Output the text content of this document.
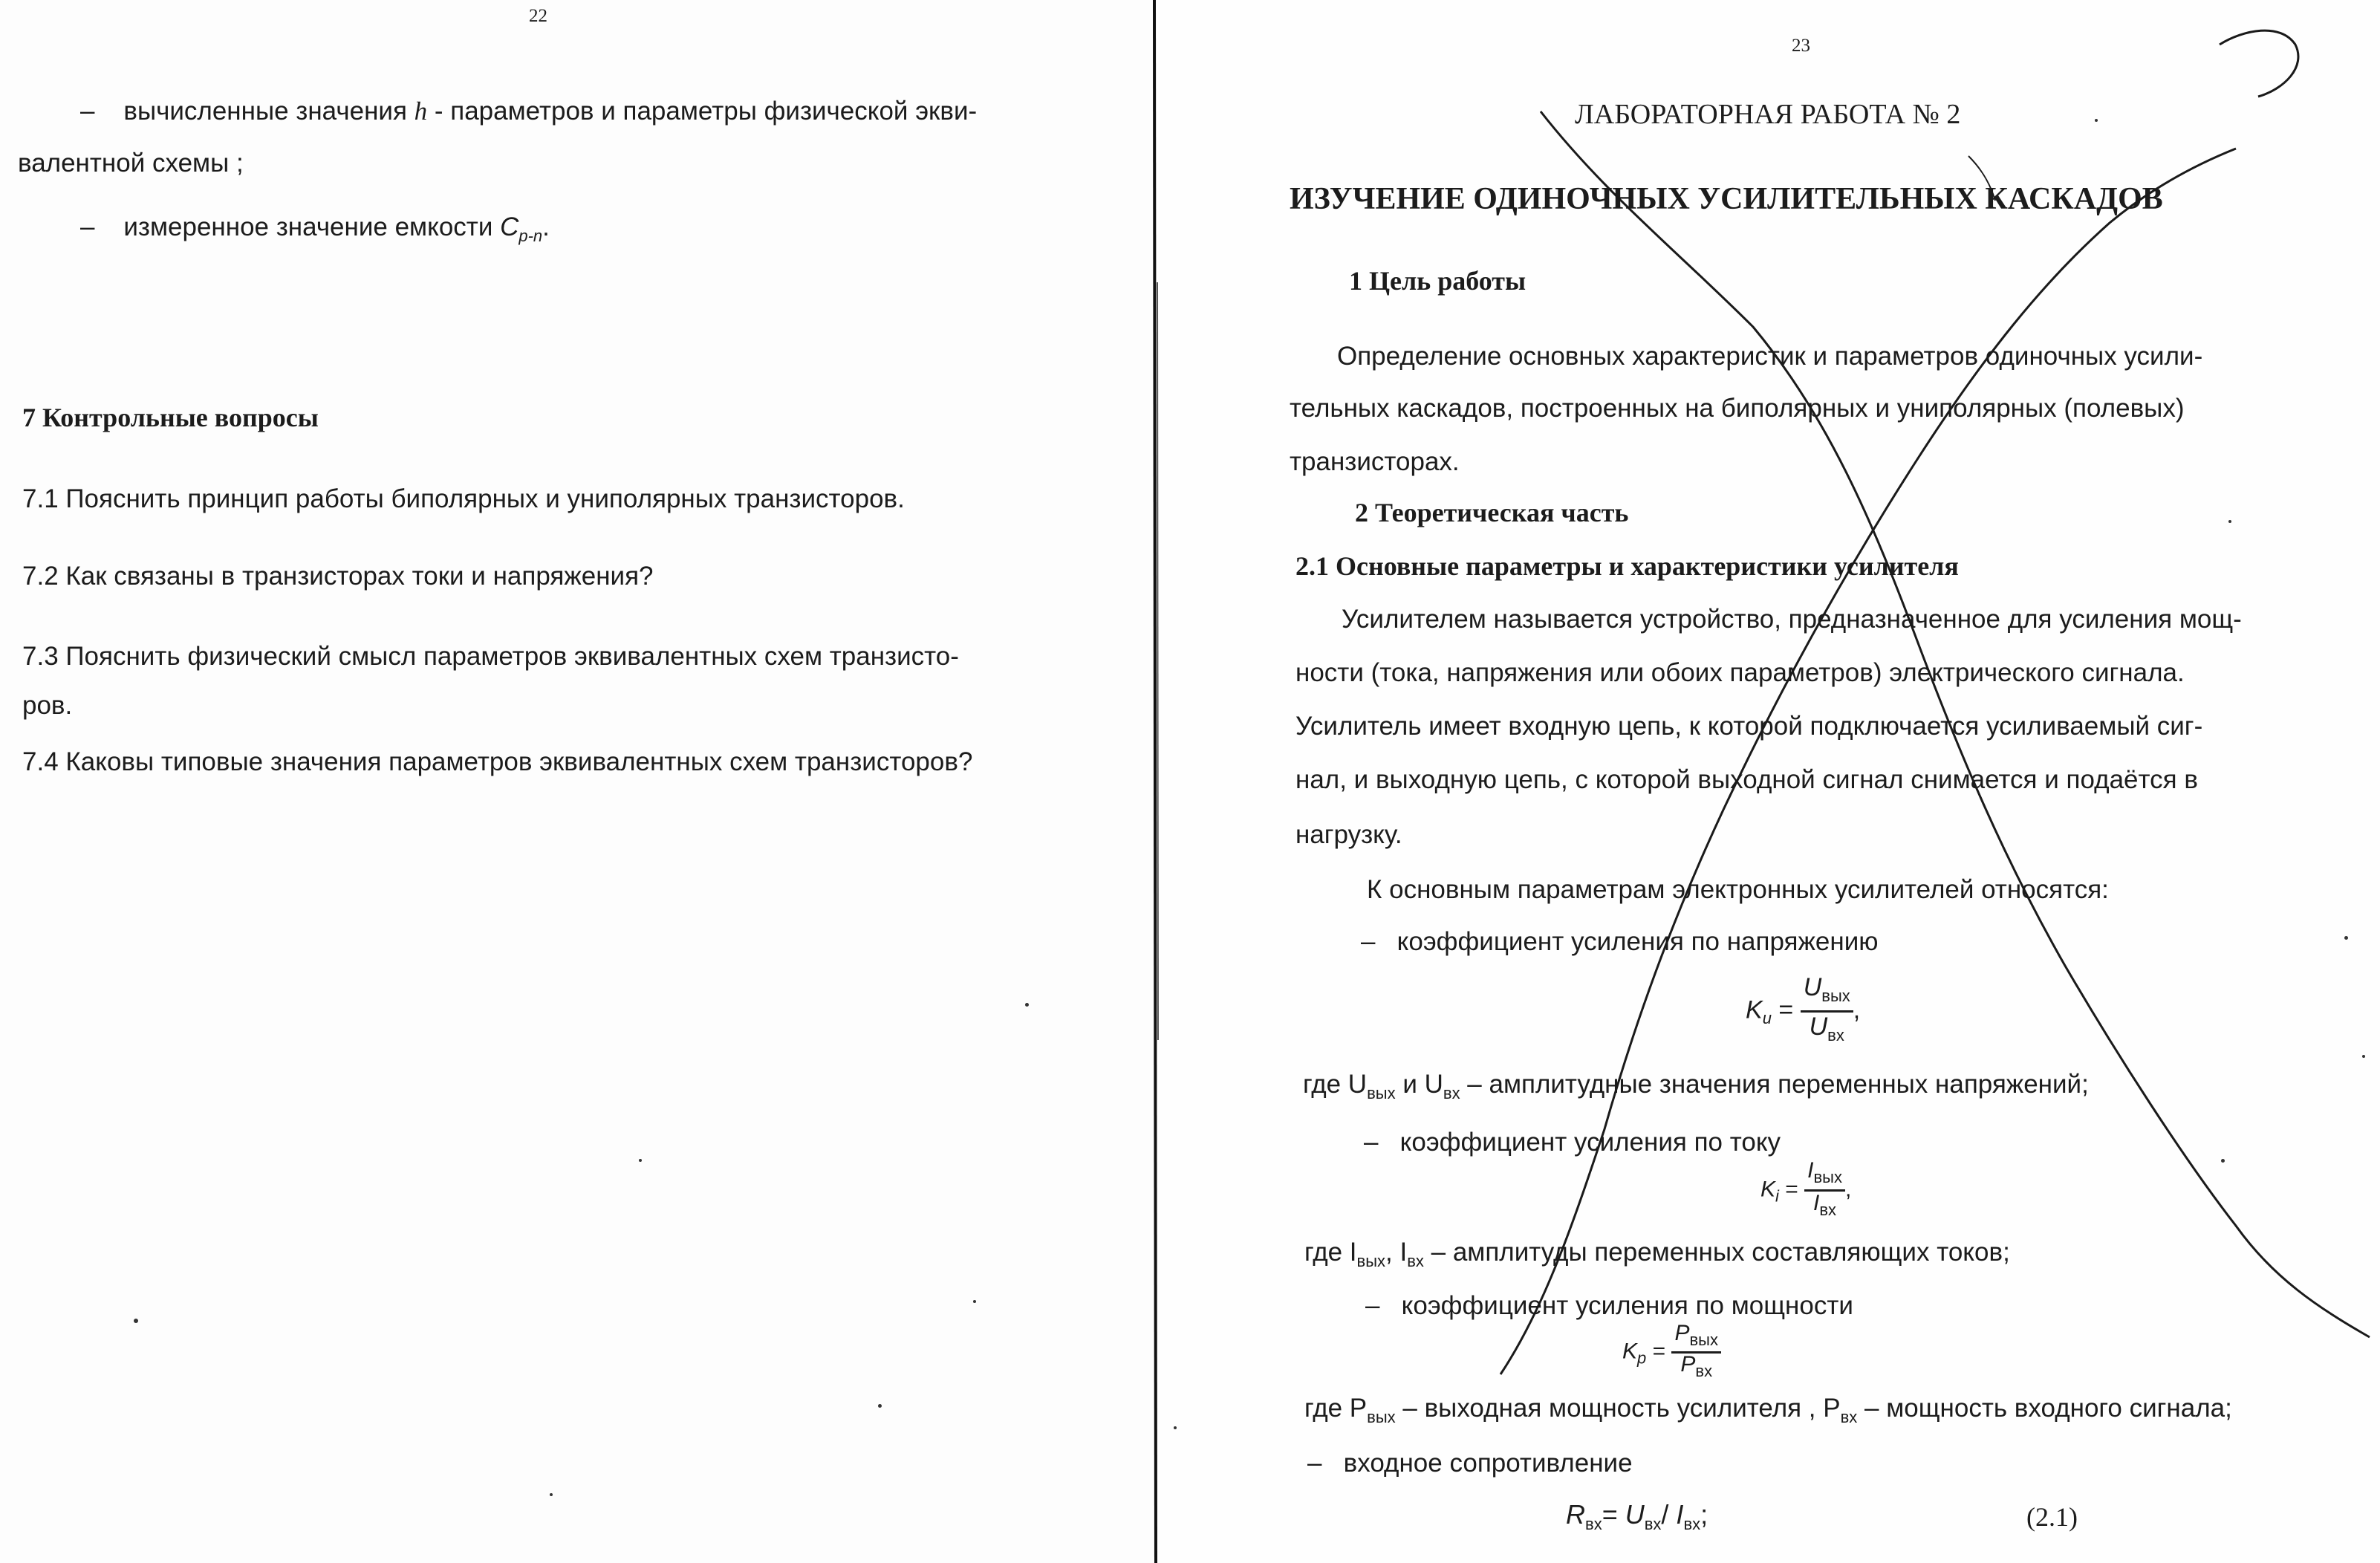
22
– вычисленные значения h - параметров и параметры физической экви-
валентной схемы ;
– измеренное значение емкости $C_{p-n}$.
7 Контрольные вопросы
7.1 Пояснить принцип работы биполярных и униполярных транзисторов.
7.2 Как связаны в транзисторах токи и напряжения?
7.3 Пояснить физический смысл параметров эквивалентных схем транзисто-
ров.
7.4 Каковы типовые значения параметров эквивалентных схем транзисторов?
23
ЛАБОРАТОРНАЯ РАБОТА № 2
ИЗУЧЕНИЕ ОДИНОЧНЫХ УСИЛИТЕЛЬНЫХ КАСКАДОВ
1 Цель работы
Определение основных характеристик и параметров одиночных усили-
тельных каскадов, построенных на биполярных и униполярных (полевых)
транзисторах.
2 Теоретическая часть
2.1 Основные параметры и характеристики усилителя
Усилителем называется устройство, предназначенное для усиления мощ-
ности (тока, напряжения или обоих параметров) электрического сигнала.
Усилитель имеет входную цепь, к которой подключается усиливаемый сиг-
нал, и выходную цепь, с которой выходной сигнал снимается и подаётся в
нагрузку.
К основным параметрам электронных усилителей относятся:
– коэффициент усиления по напряжению
$K_u = \frac{U_{вых}}{U_{вх}}$ ,
где $U_{вых}$ и $U_{вх}$ – амплитудные значения переменных напряжений;
– коэффициент усиления по току
$K_i = \frac{I_{вых}}{I_{вх}}$ ,
где $I_{вых}$, $I_{вх}$ – амплитуды переменных составляющих токов;
– коэффициент усиления по мощности
$K_p = \frac{P_{вых}}{P_{вх}}$
где $P_{вых}$ – выходная мощность усилителя , $P_{вх}$ – мощность входного сигнала;
– входное сопротивление
$R_{вх}= U_{вх}/$ $I_{вх}$;	(2.1)
